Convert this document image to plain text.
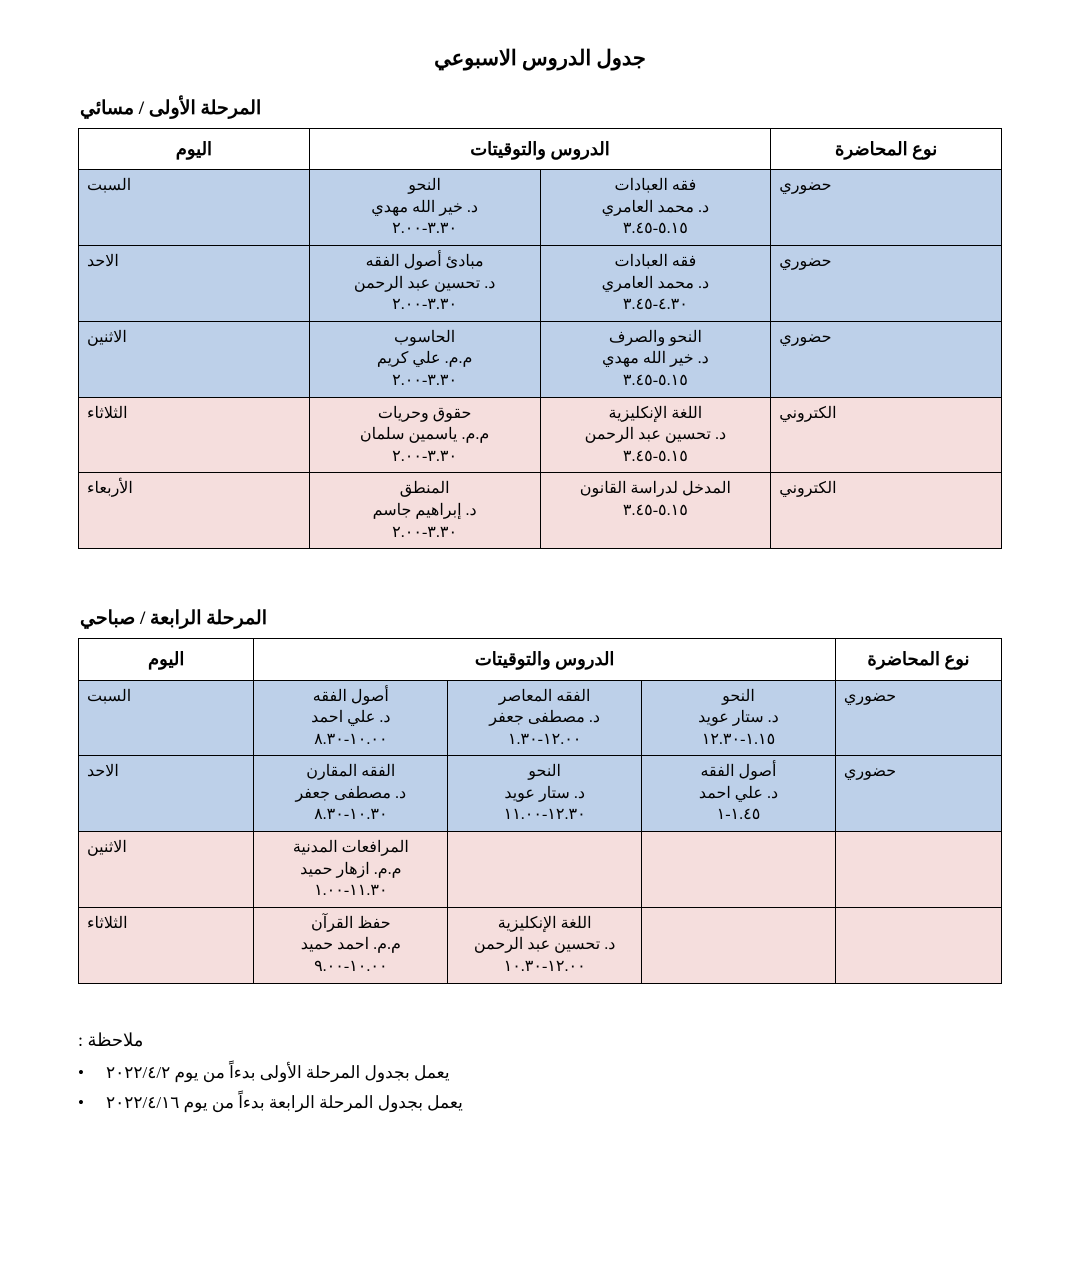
جدول الدروس الاسبوعي
المرحلة الأولى / مسائي
نوع المحاضرة	الدروس والتوقيتات		اليوم
حضوري	فقه العبادات
د. محمد العامري
٥.١٥-٣.٤٥	النحو
د. خير الله مهدي
٣.٣٠-٢.٠٠	السبت
حضوري	فقه العبادات
د. محمد العامري
٤.٣٠-٣.٤٥	مبادئ أصول الفقه
د. تحسين عبد الرحمن
٣.٣٠-٢.٠٠	الاحد
حضوري	النحو والصرف
د. خير الله مهدي
٥.١٥-٣.٤٥	الحاسوب
م.م. علي كريم
٣.٣٠-٢.٠٠	الاثنين
الكتروني	اللغة الإنكليزية
د. تحسين عبد الرحمن
٥.١٥-٣.٤٥	حقوق وحريات
م.م. ياسمين سلمان
٣.٣٠-٢.٠٠	الثلاثاء
الكتروني	المدخل لدراسة القانون
٥.١٥-٣.٤٥	المنطق
د. إبراهيم جاسم
٣.٣٠-٢.٠٠	الأربعاء
المرحلة الرابعة / صباحي
نوع المحاضرة	الدروس والتوقيتات			اليوم
حضوري	النحو
د. ستار عويد
١.١٥-١٢.٣٠	الفقه المعاصر
د. مصطفى جعفر
١٢.٠٠-١.٣٠	أصول الفقه
د. علي احمد
١٠.٠٠-٨.٣٠	السبت
حضوري	أصول الفقه
د. علي احمد
١.٤٥-١	النحو
د. ستار عويد
١٢.٣٠-١١.٠٠	الفقه المقارن
د. مصطفى جعفر
١٠.٣٠-٨.٣٠	الاحد

			المرافعات المدنية
م.م. ازهار حميد
١١.٣٠-١.٠٠	الاثنين

		اللغة الإنكليزية
د. تحسين عبد الرحمن
١٢.٠٠-١٠.٣٠	حفظ القرآن
م.م. احمد حميد
١٠.٠٠-٩.٠٠	الثلاثاء
ملاحظة :
يعمل بجدول المرحلة الأولى بدءاً من يوم ٢٠٢٢/٤/٢
•
يعمل بجدول المرحلة الرابعة بدءاً من يوم ٢٠٢٢/٤/١٦
•
